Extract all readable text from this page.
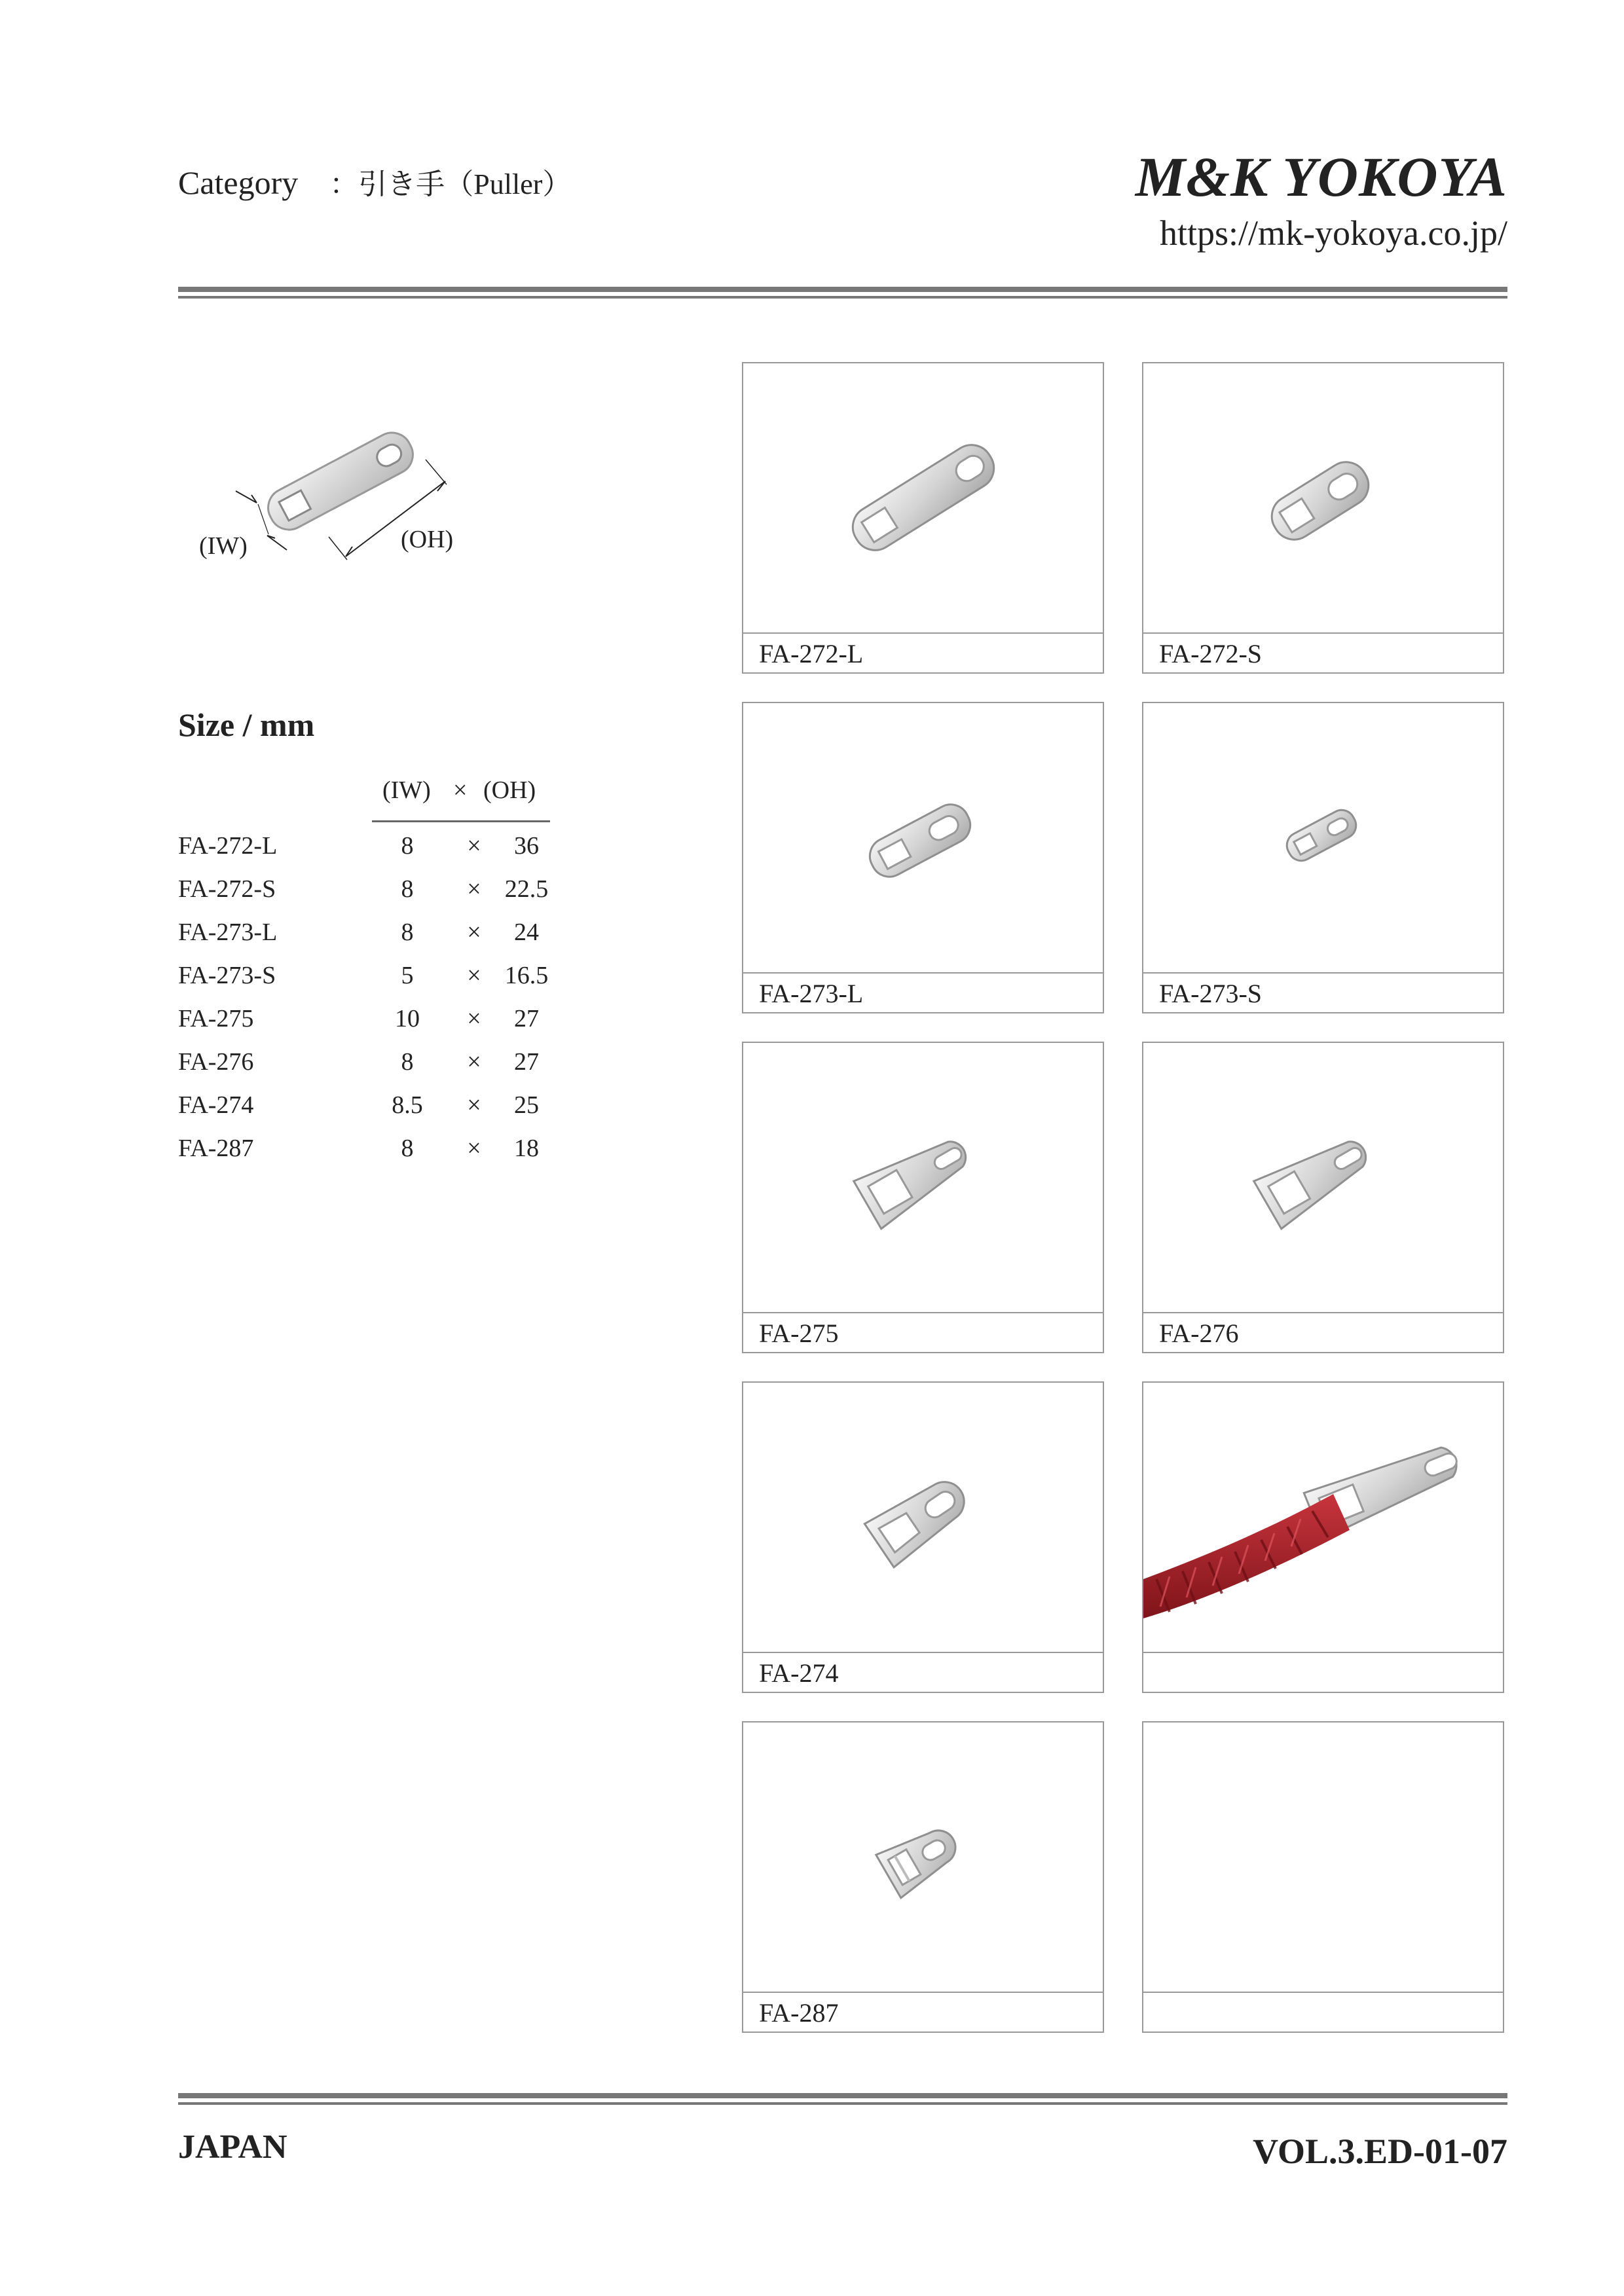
Category ：引き手（Puller）	M&K YOKOYA
https://mk-yokoya.co.jp/
(IW)	(OH)
Size / mm
(IW) × (OH)
FA-272-L	8	×	36
FA-272-S	8	× 22.5
FA-273-L	8	×	24
FA-273-S	5	× 16.5
FA-275	10	×	27
FA-276	8	×	27
FA-274	8.5	×	25
FA-287	8	×	18
FA-272-L	FA-272-S
FA-273-L	FA-273-S
FA-275	FA-276
FA-274
FA-287
JAPAN	VOL.3.ED-01-07
